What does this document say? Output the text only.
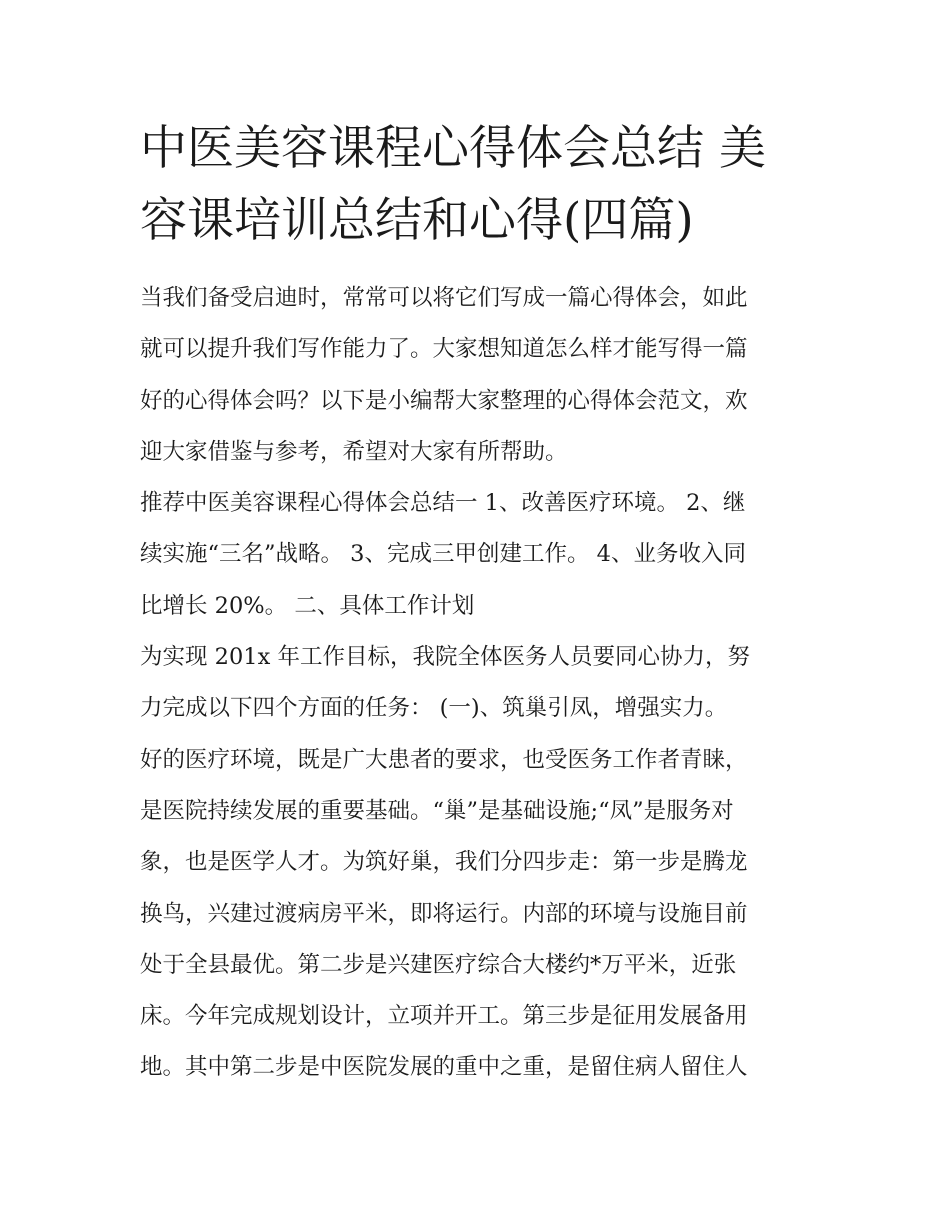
中医美容课程心得体会总结 美
容课培训总结和心得(四篇)
当我们备受启迪时，常常可以将它们写成一篇心得体会，如此
就可以提升我们写作能力了。大家想知道怎么样才能写得一篇
好的心得体会吗？以下是小编帮大家整理的心得体会范文，欢
迎大家借鉴与参考，希望对大家有所帮助。
推荐中医美容课程心得体会总结一 1、改善医疗环境。 2、继
续实施“三名”战略。 3、完成三甲创建工作。 4、业务收入同
比增长 20%。 二、具体工作计划
为实现 201x 年工作目标，我院全体医务人员要同心协力，努
力完成以下四个方面的任务： (一)、筑巢引凤，增强实力。
好的医疗环境，既是广大患者的要求，也受医务工作者青睐，
是医院持续发展的重要基础。“巢”是基础设施;“凤”是服务对
象，也是医学人才。为筑好巢，我们分四步走：第一步是腾龙
换鸟，兴建过渡病房平米，即将运行。内部的环境与设施目前
处于全县最优。第二步是兴建医疗综合大楼约*万平米，近张
床。今年完成规划设计，立项并开工。第三步是征用发展备用
地。其中第二步是中医院发展的重中之重，是留住病人留住人
